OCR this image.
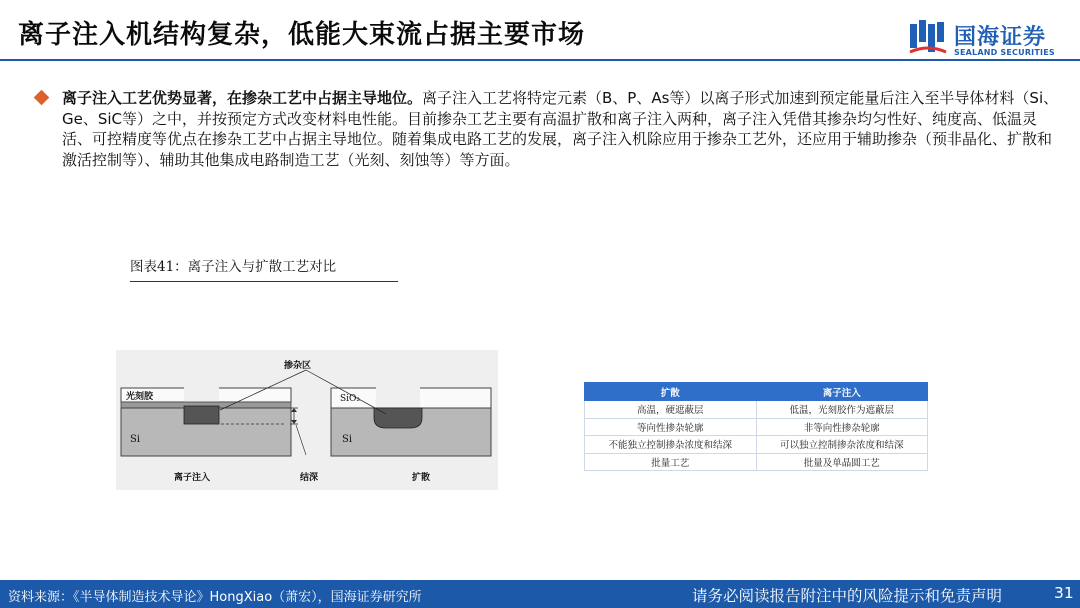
离子注入机结构复杂，低能大束流占据主要市场	国海证券
SEALAND SECURITIES
离子注入工艺优势显著，在掺杂工艺中占据主导地位。离子注入工艺将特定元素（B、P、As等）以离子形式加速到预定能量后注入至半导体材料（Si、Ge、SiC等）之中，并按预定方式改变材料电性能。目前掺杂工艺主要有高温扩散和离子注入两种，离子注入凭借其掺杂均匀性好、纯度高、低温灵活、可控精度等优点在掺杂工艺中占据主导地位。随着集成电路工艺的发展，离子注入机除应用于掺杂工艺外，还应用于辅助掺杂（预非晶化、扩散和激活控制等）、辅助其他集成电路制造工艺（光刻、刻蚀等）等方面。
图表41：离子注入与扩散工艺对比
掺杂区
光刻胶	SiO₂
Si	Si
离子注入	结深	扩散
扩散	离子注入
高温，硬遮蔽层	低温，光刻胶作为遮蔽层
等向性掺杂轮廓	非等向性掺杂轮廓
不能独立控制掺杂浓度和结深	可以独立控制掺杂浓度和结深
批量工艺	批量及单晶圆工艺
资料来源：《半导体制造技术导论》HongXiao（萧宏），国海证券研究所	请务必阅读报告附注中的风险提示和免责声明	31
